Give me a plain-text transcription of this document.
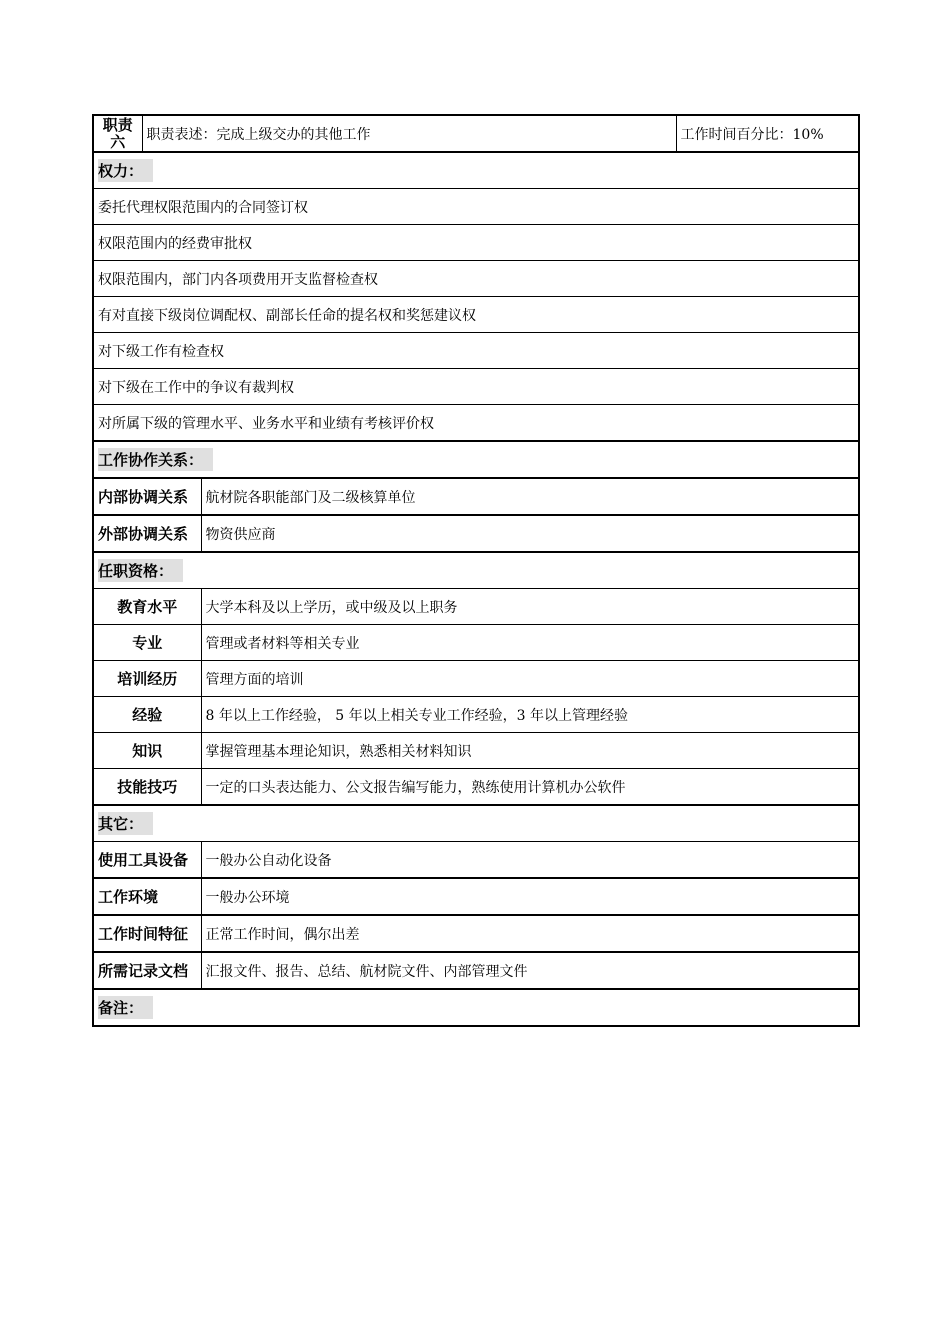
职责
六	职责表述：完成上级交办的其他工作		工作时间百分比：10%
权力：			
委托代理权限范围内的合同签订权			
权限范围内的经费审批权			
权限范围内，部门内各项费用开支监督检查权			
有对直接下级岗位调配权、副部长任命的提名权和奖惩建议权			
对下级工作有检查权			
对下级在工作中的争议有裁判权			
对所属下级的管理水平、业务水平和业绩有考核评价权			
工作协作关系：			
内部协调关系		航材院各职能部门及二级核算单位	
外部协调关系		物资供应商	
任职资格：			
教育水平		大学本科及以上学历，或中级及以上职务	
专业		管理或者材料等相关专业	
培训经历		管理方面的培训	
经验		8 年以上工作经验， 5 年以上相关专业工作经验，3 年以上管理经验	
知识		掌握管理基本理论知识，熟悉相关材料知识	
技能技巧		一定的口头表达能力、公文报告编写能力，熟练使用计算机办公软件	
其它：			
使用工具设备		一般办公自动化设备	
工作环境		一般办公环境	
工作时间特征		正常工作时间，偶尔出差	
所需记录文档		汇报文件、报告、总结、航材院文件、内部管理文件	
备注：			
